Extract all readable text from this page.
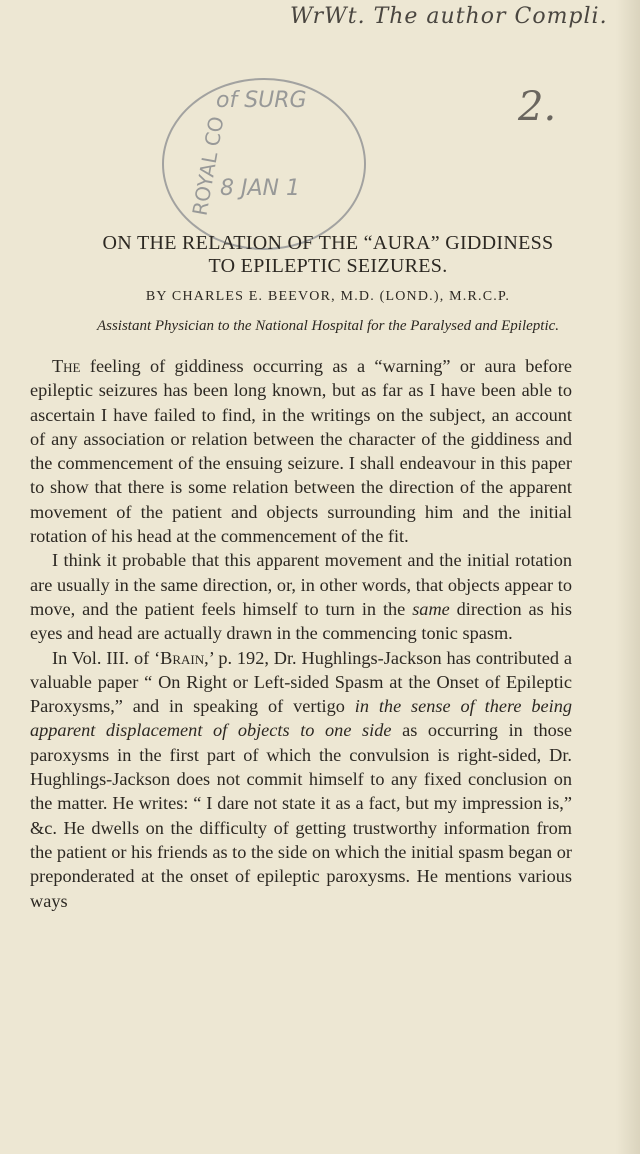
WrWt. The author Compli.
2.
of SURG
ROYAL CO
8 JAN 1
ON THE RELATION OF THE “AURA” GIDDINESS
TO EPILEPTIC SEIZURES.
BY CHARLES E. BEEVOR, M.D. (LOND.), M.R.C.P.
Assistant Physician to the National Hospital for the Paralysed and Epileptic.

The feeling of giddiness occurring as a “warning” or aura before epileptic seizures has been long known, but as far as I have been able to ascertain I have failed to find, in the writings on the subject, an account of any association or relation between the character of the giddiness and the commencement of the ensuing seizure. I shall endeavour in this paper to show that there is some relation between the direction of the apparent movement of the patient and objects surrounding him and the initial rotation of his head at the commencement of the fit.

I think it probable that this apparent movement and the initial rotation are usually in the same direction, or, in other words, that objects appear to move, and the patient feels himself to turn in the same direction as his eyes and head are actually drawn in the commencing tonic spasm.

In Vol. III. of ‘Brain,’ p. 192, Dr. Hughlings-Jackson has contributed a valuable paper “ On Right or Left-sided Spasm at the Onset of Epileptic Paroxysms,” and in speaking of vertigo in the sense of there being apparent displacement of objects to one side as occurring in those paroxysms in the first part of which the convulsion is right-sided, Dr. Hughlings-Jackson does not commit himself to any fixed conclusion on the matter. He writes: “ I dare not state it as a fact, but my impression is,” &c. He dwells on the difficulty of getting trustworthy information from the patient or his friends as to the side on which the initial spasm began or preponderated at the onset of epileptic paroxysms. He mentions various ways
